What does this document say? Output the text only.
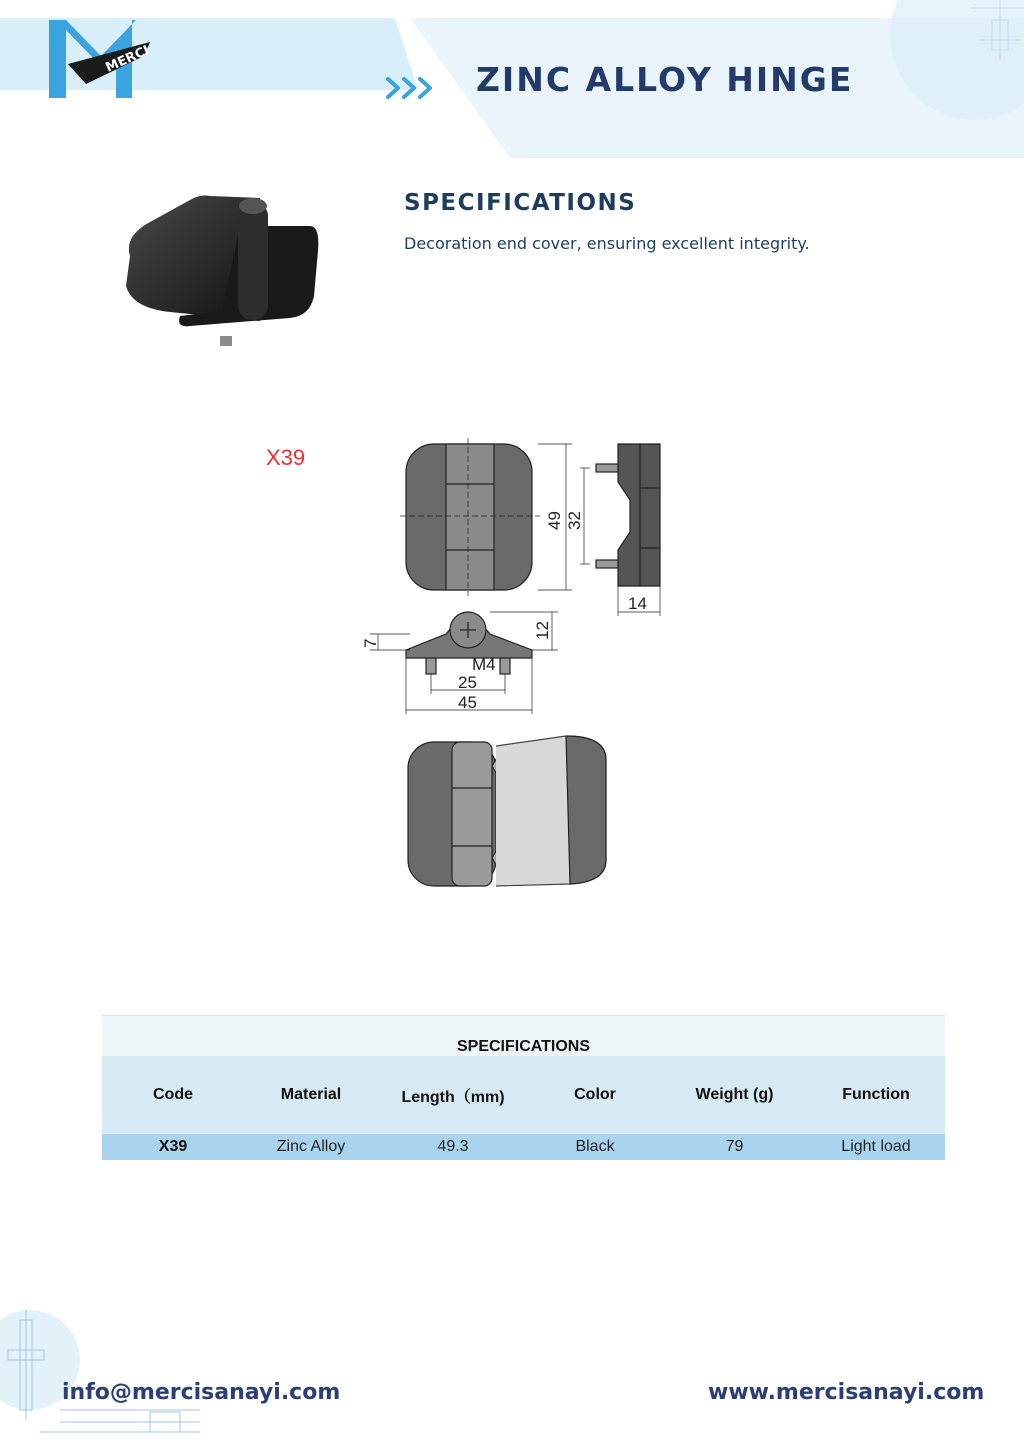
MERCI
ZINC ALLOY HINGE
SPECIFICATIONS
Decoration end cover, ensuring excellent integrity.
X39
49 32
14
7
12
M4
25
45
SPECIFICATIONS					
Code	Material	Length（mm)	Color	Weight (g)	Function
X39	Zinc Alloy	49.3	Black	79	Light load
info@mercisanayi.com	www.mercisanayi.com
